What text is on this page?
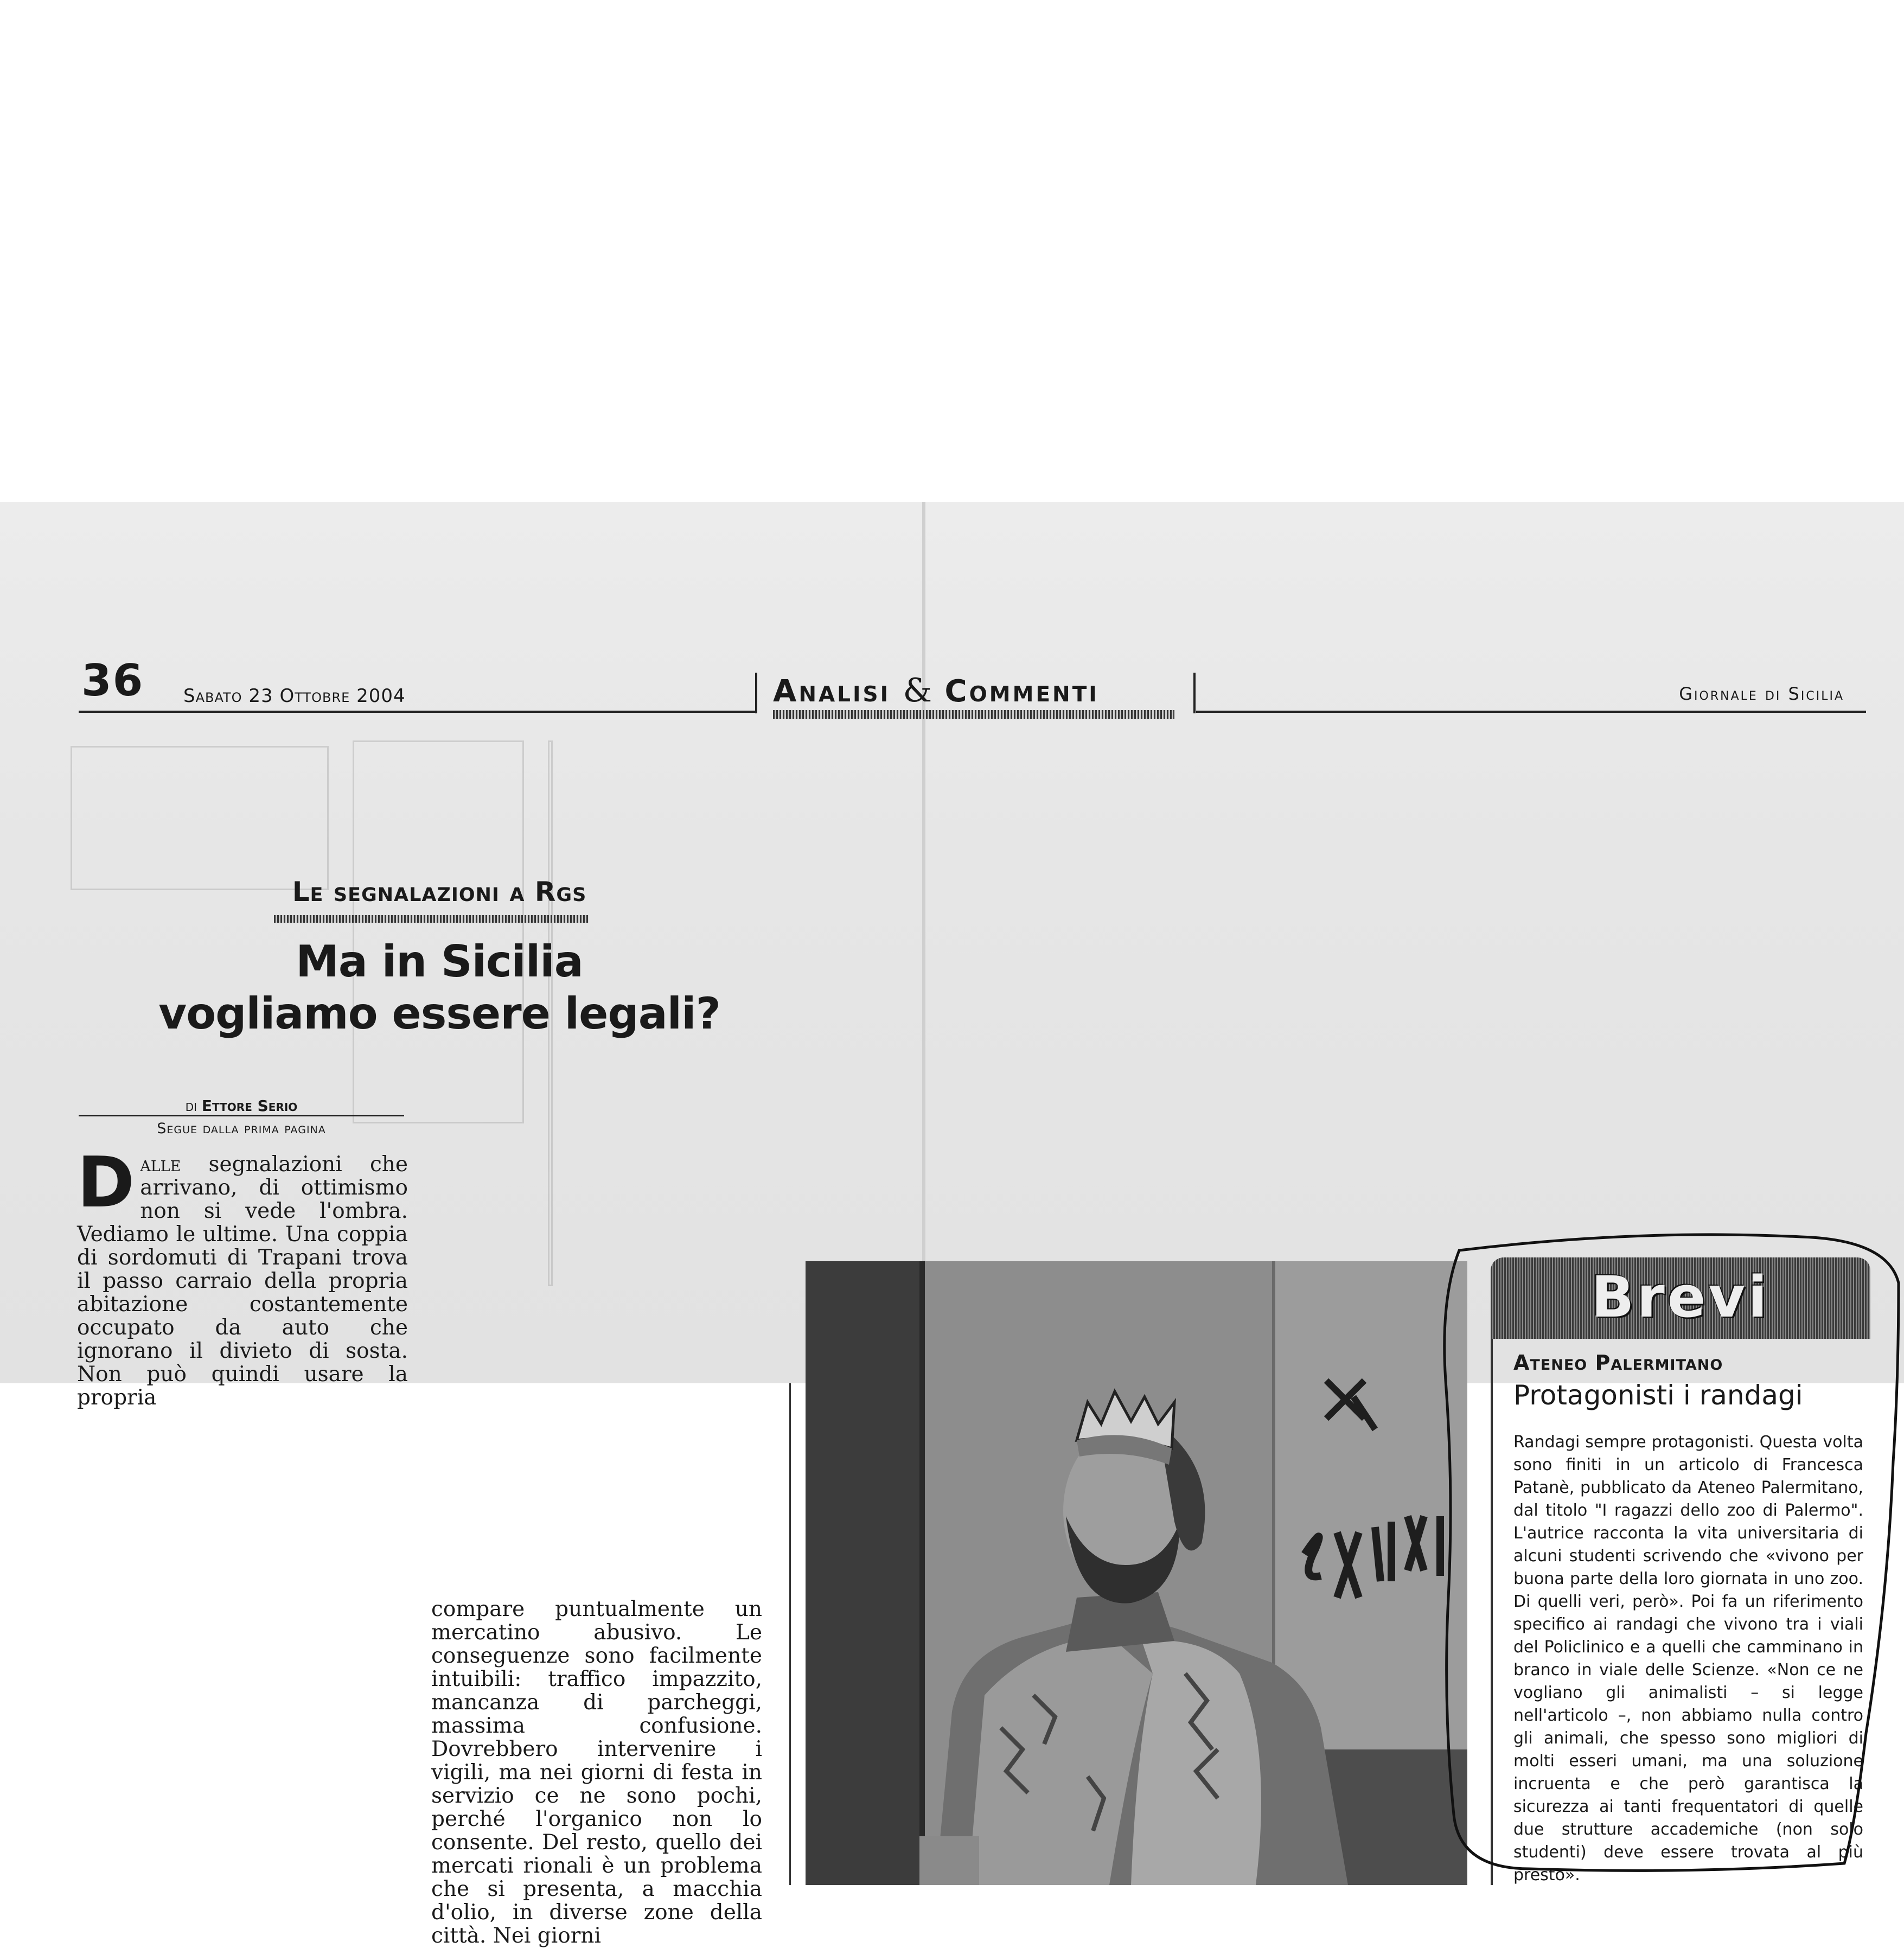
36 Sabato 23 Ottobre 2004	Analisi & Commenti	Giornale di Sicilia
Le segnalazioni a Rgs
Ma in Sicilia
vogliamo essere legali?
di Ettore Serio
Segue dalla prima pagina
Dalle segnalazioni che arrivano, di ottimismo non si vede l'ombra. Vediamo le ultime. Una coppia di sordomuti di Trapani trova il passo carraio della propria abitazione costantemente occupato da auto che ignorano il divieto di sosta. Non può quindi usare la propria
compare puntualmente un mercatino abusivo. Le conseguenze sono facilmente intuibili: traffico impazzito, mancanza di parcheggi, massima confusione. Dovrebbero intervenire i vigili, ma nei giorni di festa in servizio ce ne sono pochi, perché l'organico non lo consente. Del resto, quello dei mercati rionali è un problema che si presenta, a macchia d'olio, in diverse zone della città. Nei giorni
Brevi
Ateneo Palermitano
Protagonisti i randagi
Randagi sempre protagonisti. Questa volta sono finiti in un articolo di Francesca Patanè, pubblicato da Ateneo Palermitano, dal titolo "I ragazzi dello zoo di Palermo". L'autrice racconta la vita universitaria di alcuni studenti scrivendo che «vivono per buona parte della loro giornata in uno zoo. Di quelli veri, però». Poi fa un riferimento specifico ai randagi che vivono tra i viali del Policlinico e a quelli che camminano in branco in viale delle Scienze. «Non ce ne vogliano gli animalisti – si legge nell'articolo –, non abbiamo nulla contro gli animali, che spesso sono migliori di molti esseri umani, ma una soluzione incruenta e che però garantisca la sicurezza ai tanti frequentatori di quelle due strutture accademiche (non solo studenti) deve essere trovata al più presto».
